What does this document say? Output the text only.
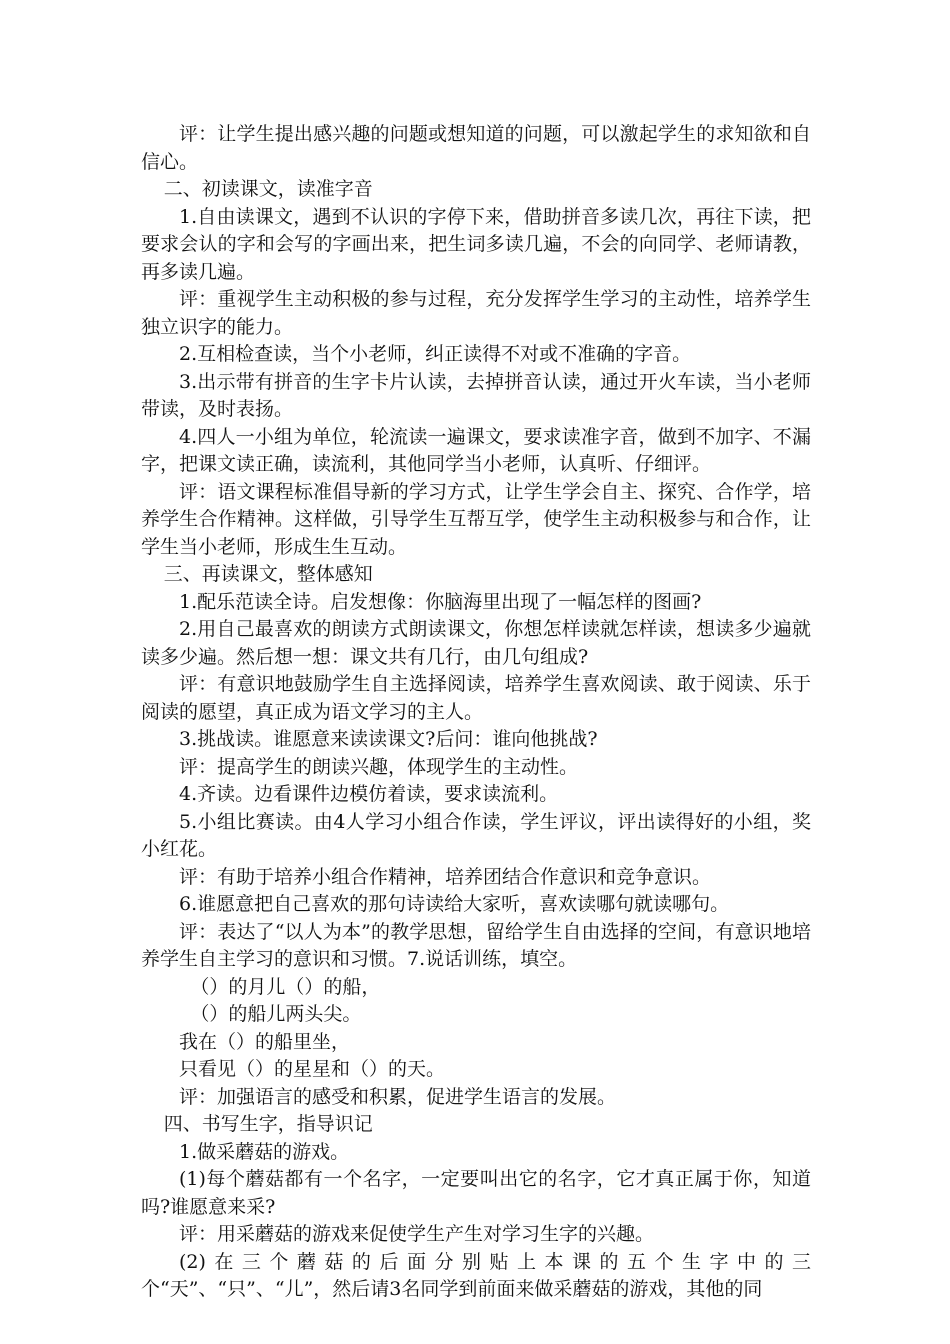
评：让学生提出感兴趣的问题或想知道的问题，可以激起学生的求知欲和自信心。

二、初读课文，读准字音

1.自由读课文，遇到不认识的字停下来，借助拼音多读几次，再往下读，把要求会认的字和会写的字画出来，把生词多读几遍，不会的向同学、老师请教，再多读几遍。

评：重视学生主动积极的参与过程，充分发挥学生学习的主动性，培养学生独立识字的能力。

2.互相检查读，当个小老师，纠正读得不对或不准确的字音。

3.出示带有拼音的生字卡片认读，去掉拼音认读，通过开火车读，当小老师带读，及时表扬。

4.四人一小组为单位，轮流读一遍课文，要求读准字音，做到不加字、不漏字，把课文读正确，读流利，其他同学当小老师，认真听、仔细评。

评：语文课程标准倡导新的学习方式，让学生学会自主、探究、合作学，培养学生合作精神。这样做，引导学生互帮互学，使学生主动积极参与和合作，让学生当小老师，形成生生互动。

三、再读课文，整体感知

1.配乐范读全诗。启发想像：你脑海里出现了一幅怎样的图画?

2.用自己最喜欢的朗读方式朗读课文，你想怎样读就怎样读，想读多少遍就读多少遍。然后想一想：课文共有几行，由几句组成?

评：有意识地鼓励学生自主选择阅读，培养学生喜欢阅读、敢于阅读、乐于阅读的愿望，真正成为语文学习的主人。

3.挑战读。谁愿意来读读课文?后问：谁向他挑战?

评：提高学生的朗读兴趣，体现学生的主动性。

4.齐读。边看课件边模仿着读，要求读流利。

5.小组比赛读。由4人学习小组合作读，学生评议，评出读得好的小组，奖小红花。

评：有助于培养小组合作精神，培养团结合作意识和竞争意识。

6.谁愿意把自己喜欢的那句诗读给大家听，喜欢读哪句就读哪句。

评：表达了“以人为本”的教学思想，留给学生自由选择的空间，有意识地培养学生自主学习的意识和习惯。7.说话训练，填空。

（）的月儿（）的船，

（）的船儿两头尖。

我在（）的船里坐，

只看见（）的星星和（）的天。

评：加强语言的感受和积累，促进学生语言的发展。

四、书写生字，指导识记

1.做采蘑菇的游戏。

(1)每个蘑菇都有一个名字，一定要叫出它的名字，它才真正属于你，知道吗?谁愿意来采?

评：用采蘑菇的游戏来促使学生产生对学习生字的兴趣。

(2)在三个蘑菇的后面分别贴上本课的五个生字中的三个“天”、“只”、“儿”，然后请3名同学到前面来做采蘑菇的游戏，其他的同
